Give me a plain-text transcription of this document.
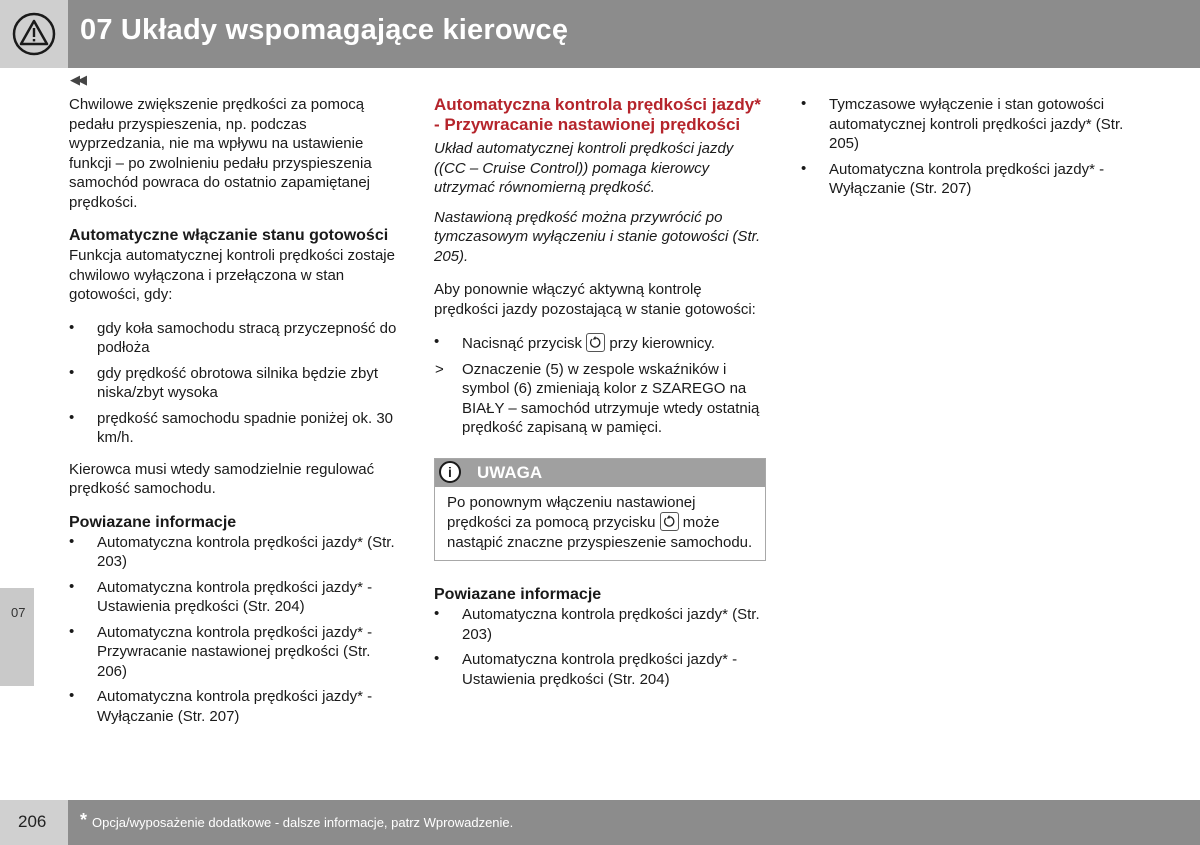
07 Układy wspomagające kierowcę
◀◀
07

Chwilowe zwiększenie prędkości za pomocą pedału przyspieszenia, np. podczas wyprzedzania, nie ma wpływu na ustawienie funkcji – po zwolnieniu pedału przyspieszenia samochód powraca do ostatnio zapamiętanej prędkości.

Automatyczne włączanie stanu gotowości

Funkcja automatycznej kontroli prędkości zostaje chwilowo wyłączona i przełączona w stan gotowości, gdy:

• gdy koła samochodu stracą przyczepność do podłoża
• gdy prędkość obrotowa silnika będzie zbyt niska/zbyt wysoka
• prędkość samochodu spadnie poniżej ok. 30 km/h.

Kierowca musi wtedy samodzielnie regulować prędkość samochodu.

Powiazane informacje
• Automatyczna kontrola prędkości jazdy* (Str. 203)
• Automatyczna kontrola prędkości jazdy* - Ustawienia prędkości (Str. 204)
• Automatyczna kontrola prędkości jazdy* - Przywracanie nastawionej prędkości (Str. 206)
• Automatyczna kontrola prędkości jazdy* - Wyłączanie (Str. 207)
Automatyczna kontrola prędkości jazdy* - Przywracanie nastawionej prędkości

Układ automatycznej kontroli prędkości jazdy ((CC – Cruise Control)) pomaga kierowcy utrzymać równomierną prędkość.

Nastawioną prędkość można przywrócić po tymczasowym wyłączeniu i stanie gotowości (Str. 205).

Aby ponownie włączyć aktywną kontrolę prędkości jazdy pozostającą w stanie gotowości:

• Nacisnąć przycisk przy kierownicy.
> Oznaczenie (5) w zespole wskaźników i symbol (6) zmieniają kolor z SZAREGO na BIAŁY – samochód utrzymuje wtedy ostatnią prędkość zapisaną w pamięci.
i	UWAGA
Po ponownym włączeniu nastawionej prędkości za pomocą przycisku może nastąpić znaczne przyspieszenie samochodu.
Powiazane informacje
• Automatyczna kontrola prędkości jazdy* (Str. 203)
• Automatyczna kontrola prędkości jazdy* - Ustawienia prędkości (Str. 204)
• Tymczasowe wyłączenie i stan gotowości automatycznej kontroli prędkości jazdy* (Str. 205)
• Automatyczna kontrola prędkości jazdy* - Wyłączanie (Str. 207)
206 * Opcja/wyposażenie dodatkowe - dalsze informacje, patrz Wprowadzenie.
